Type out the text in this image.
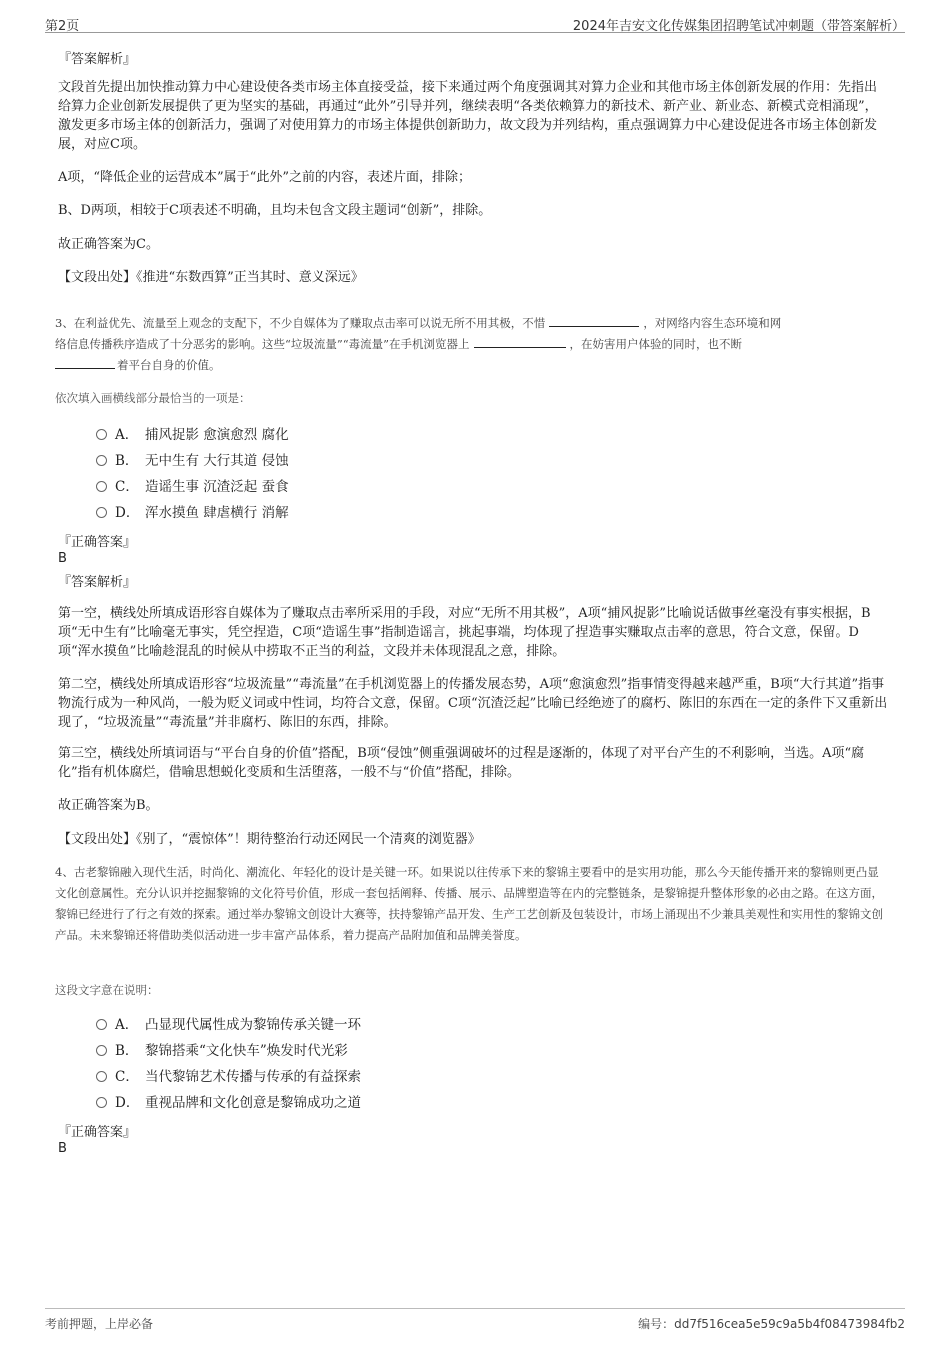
第2页	2024年吉安文化传媒集团招聘笔试冲刺题（带答案解析）
『答案解析』
文段首先提出加快推动算力中心建设使各类市场主体直接受益，接下来通过两个角度强调其对算力企业和其他市场主体创新发展的作用：先指出给算力企业创新发展提供了更为坚实的基础，再通过“此外”引导并列，继续表明“各类依赖算力的新技术、新产业、新业态、新模式竞相涌现”，激发更多市场主体的创新活力，强调了对使用算力的市场主体提供创新助力，故文段为并列结构，重点强调算力中心建设促进各市场主体创新发展，对应C项。
A项，“降低企业的运营成本”属于“此外”之前的内容，表述片面，排除；
B、D两项，相较于C项表述不明确，且均未包含文段主题词“创新”，排除。
故正确答案为C。
【文段出处】《推进“东数西算”正当其时、意义深远》
3、在利益优先、流量至上观念的支配下，不少自媒体为了赚取点击率可以说无所不用其极，不惜	，对网络内容生态环境和网
络信息传播秩序造成了十分恶劣的影响。这些“垃圾流量”“毒流量”在手机浏览器上	，在妨害用户体验的同时，也不断
着平台自身的价值。
依次填入画横线部分最恰当的一项是：
A． 捕风捉影 愈演愈烈 腐化
B． 无中生有 大行其道 侵蚀
C． 造谣生事 沉渣泛起 蚕食
D． 浑水摸鱼 肆虐横行 消解
『正确答案』
B
『答案解析』
第一空，横线处所填成语形容自媒体为了赚取点击率所采用的手段，对应“无所不用其极”，A项“捕风捉影”比喻说话做事丝毫没有事实根据，B项“无中生有”比喻毫无事实，凭空捏造，C项“造谣生事”指制造谣言，挑起事端，均体现了捏造事实赚取点击率的意思，符合文意，保留。D项“浑水摸鱼”比喻趁混乱的时候从中捞取不正当的利益，文段并未体现混乱之意，排除。
第二空，横线处所填成语形容“垃圾流量”“毒流量”在手机浏览器上的传播发展态势，A项“愈演愈烈”指事情变得越来越严重，B项“大行其道”指事物流行成为一种风尚，一般为贬义词或中性词，均符合文意，保留。C项“沉渣泛起”比喻已经绝迹了的腐朽、陈旧的东西在一定的条件下又重新出现了，“垃圾流量”“毒流量”并非腐朽、陈旧的东西，排除。
第三空，横线处所填词语与“平台自身的价值”搭配，B项“侵蚀”侧重强调破坏的过程是逐渐的，体现了对平台产生的不利影响，当选。A项“腐化”指有机体腐烂，借喻思想蜕化变质和生活堕落，一般不与“价值”搭配，排除。
故正确答案为B。
【文段出处】《别了，“震惊体”！期待整治行动还网民一个清爽的浏览器》
4、古老黎锦融入现代生活，时尚化、潮流化、年轻化的设计是关键一环。如果说以往传承下来的黎锦主要看中的是实用功能，那么今天能传播开来的黎锦则更凸显文化创意属性。充分认识并挖掘黎锦的文化符号价值，形成一套包括阐释、传播、展示、品牌塑造等在内的完整链条，是黎锦提升整体形象的必由之路。在这方面，黎锦已经进行了行之有效的探索。通过举办黎锦文创设计大赛等，扶持黎锦产品开发、生产工艺创新及包装设计，市场上涌现出不少兼具美观性和实用性的黎锦文创产品。未来黎锦还将借助类似活动进一步丰富产品体系，着力提高产品附加值和品牌美誉度。
这段文字意在说明：
A． 凸显现代属性成为黎锦传承关键一环
B． 黎锦搭乘“文化快车”焕发时代光彩
C． 当代黎锦艺术传播与传承的有益探索
D． 重视品牌和文化创意是黎锦成功之道
『正确答案』
B
考前押题，上岸必备	编号：dd7f516cea5e59c9a5b4f08473984fb2
